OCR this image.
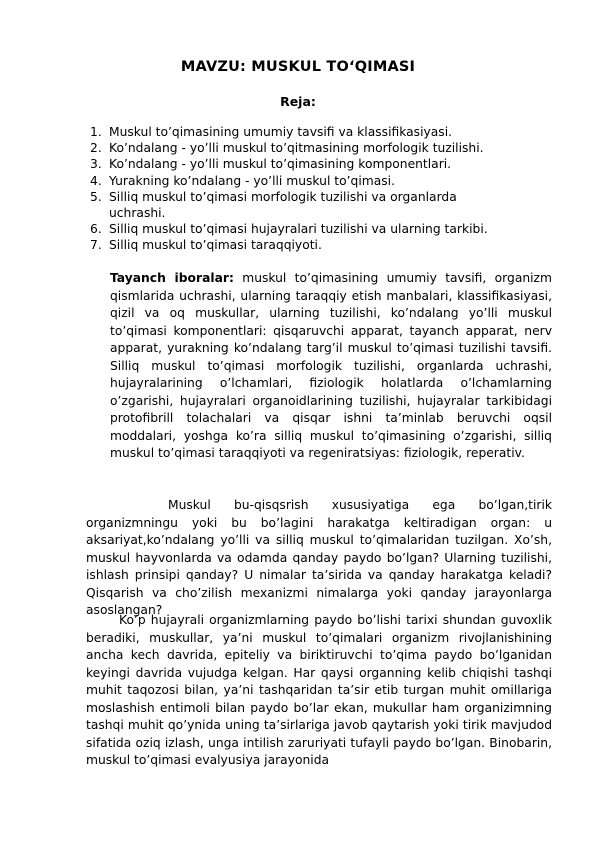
MAVZU: MUSKUL TO‘QIMASI
Reja:
1. Muskul to’qimasining umumiy tavsifi va klassifikasiyasi.
2. Ko’ndalang - yo’lli muskul to’qitmasining morfologik tuzilishi.
3. Ko’ndalang - yo’lli muskul to’qimasining komponentlari.
4. Yurakning ko’ndalang - yo’lli muskul to’qimasi.
5. Silliq muskul to’qimasi morfologik tuzilishi va organlarda uchrashi.
6. Silliq muskul to’qimasi hujayralari tuzilishi va ularning tarkibi.
7. Silliq muskul to’qimasi taraqqiyoti.

Tayanch iboralar: muskul to’qimasining umumiy tavsifi, organizm qismlarida uchrashi, ularning taraqqiy etish manbalari, klassifikasiyasi, qizil va oq muskullar, ularning tuzilishi, ko’ndalang yo’lli muskul to’qimasi komponentlari: qisqaruvchi apparat, tayanch apparat, nerv apparat, yurakning ko’ndalang targ’il muskul to’qimasi tuzilishi tavsifi. Silliq muskul to’qimasi morfologik tuzilishi, organlarda uchrashi, hujayralarining o’lchamlari, fiziologik holatlarda o’lchamlarning o’zgarishi, hujayralari organoidlarining tuzilishi, hujayralar tarkibidagi protofibrill tolachalari va qisqar ishni ta’minlab beruvchi oqsil moddalari, yoshga ko’ra silliq muskul to’qimasining o’zgarishi, silliq muskul to’qimasi taraqqiyoti va regeniratsiyas: fiziologik, reperativ.

Muskul bu-qisqsrish xususiyatiga ega bo’lgan,tirik organizmningu yoki bu bo’lagini harakatga keltiradigan organ: u aksariyat,ko’ndalang yo’lli va silliq muskul to’qimalaridan tuzilgan. Xo’sh, muskul hayvonlarda va odamda qanday paydo bo’lgan? Ularning tuzilishi, ishlash prinsipi qanday? U nimalar ta’sirida va qanday harakatga keladi? Qisqarish va cho’zilish mexanizmi nimalarga yoki qanday jarayonlarga asoslangan?

Ko’p hujayrali organizmlarning paydo bo’lishi tarixi shundan guvoxlik beradiki, muskullar, ya’ni muskul to’qimalari organizm rivojlanishining ancha kech davrida, epiteliy va biriktiruvchi to’qima paydo bo’lganidan keyingi davrida vujudga kelgan. Har qaysi organning kelib chiqishi tashqi muhit taqozosi bilan, ya’ni tashqaridan ta’sir etib turgan muhit omillariga moslashish entimoli bilan paydo bo’lar ekan, mukullar ham organizimning tashqi muhit qo’ynida uning ta’sirlariga javob qaytarish yoki tirik mavjudod sifatida oziq izlash, unga intilish zaruriyati tufayli paydo bo’lgan. Binobarin, muskul to’qimasi evalyusiya jarayonida
